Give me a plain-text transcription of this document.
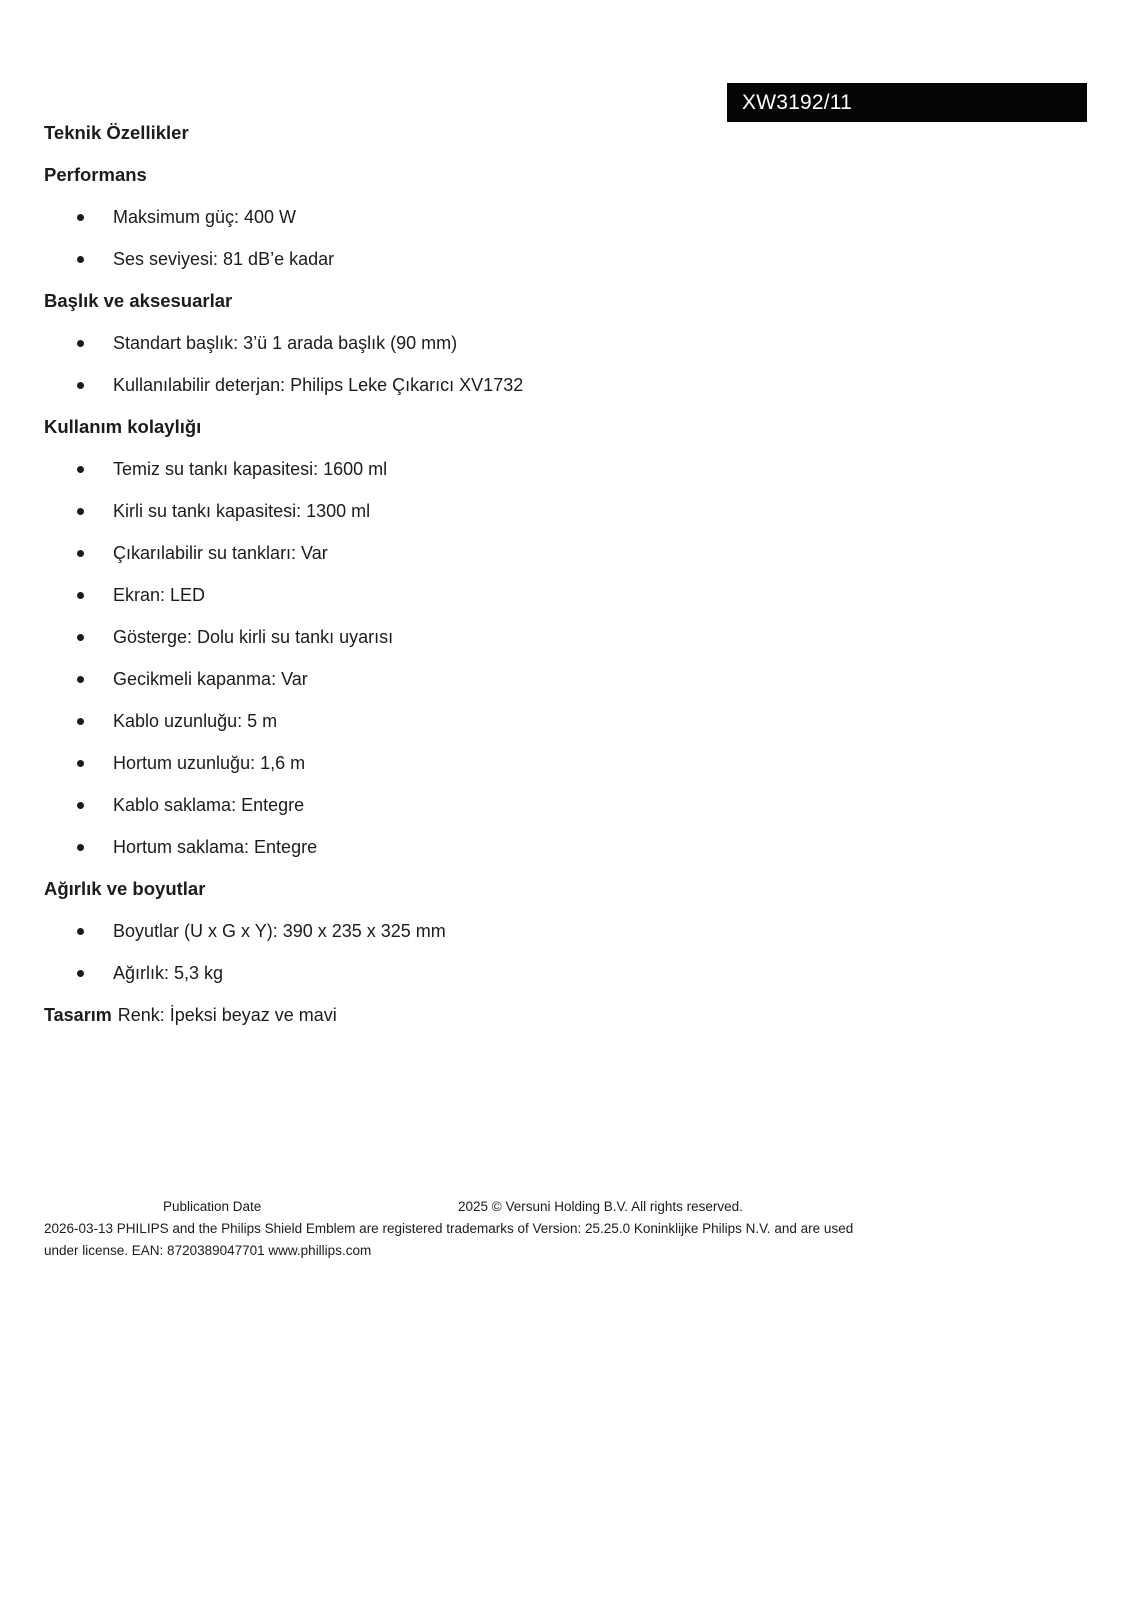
XW3192/11
Teknik Özellikler
Performans
Maksimum güç: 400 W
Ses seviyesi: 81 dB’e kadar
Başlık ve aksesuarlar
Standart başlık: 3’ü 1 arada başlık (90 mm)
Kullanılabilir deterjan: Philips Leke Çıkarıcı XV1732
Kullanım kolaylığı
Temiz su tankı kapasitesi: 1600 ml
Kirli su tankı kapasitesi: 1300 ml
Çıkarılabilir su tankları: Var
Ekran: LED
Gösterge: Dolu kirli su tankı uyarısı
Gecikmeli kapanma: Var
Kablo uzunluğu: 5 m
Hortum uzunluğu: 1,6 m
Kablo saklama: Entegre
Hortum saklama: Entegre
Ağırlık ve boyutlar
Boyutlar (U x G x Y): 390 x 235 x 325 mm
Ağırlık: 5,3 kg
Tasarım Renk: İpeksi beyaz ve mavi
Publication Date	2025 © Versuni Holding B.V. All rights reserved.
2026-03-13 PHILIPS and the Philips Shield Emblem are registered trademarks of Version: 25.25.0 Koninklijke Philips N.V. and are used
under license. EAN: 8720389047701 www.phillips.com
